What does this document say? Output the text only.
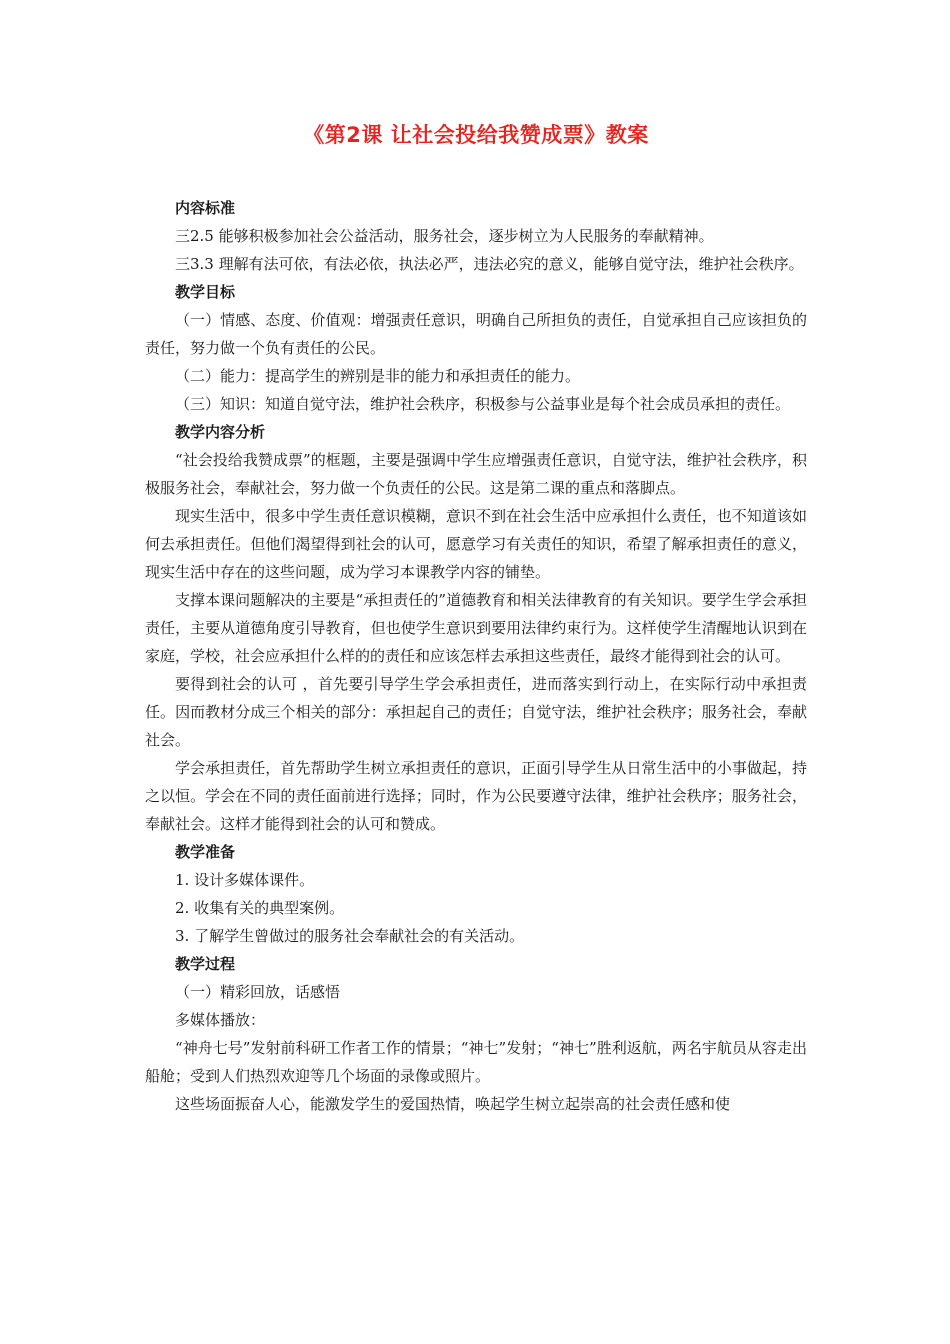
《第2课 让社会投给我赞成票》教案

内容标准

三2.5 能够积极参加社会公益活动，服务社会，逐步树立为人民服务的奉献精神。

三3.3 理解有法可依，有法必依，执法必严，违法必究的意义，能够自觉守法，维护社会秩序。

教学目标

（一）情感、态度、价值观：增强责任意识，明确自己所担负的责任，自觉承担自己应该担负的责任，努力做一个负有责任的公民。

（二）能力：提高学生的辨别是非的能力和承担责任的能力。

（三）知识：知道自觉守法，维护社会秩序，积极参与公益事业是每个社会成员承担的责任。

教学内容分析

“社会投给我赞成票”的框题，主要是强调中学生应增强责任意识，自觉守法，维护社会秩序，积极服务社会，奉献社会，努力做一个负责任的公民。这是第二课的重点和落脚点。

现实生活中，很多中学生责任意识模糊，意识不到在社会生活中应承担什么责任，也不知道该如何去承担责任。但他们渴望得到社会的认可，愿意学习有关责任的知识，希望了解承担责任的意义，现实生活中存在的这些问题，成为学习本课教学内容的铺垫。

支撑本课问题解决的主要是“承担责任的”道德教育和相关法律教育的有关知识。要学生学会承担责任，主要从道德角度引导教育，但也使学生意识到要用法律约束行为。这样使学生清醒地认识到在家庭，学校，社会应承担什么样的的责任和应该怎样去承担这些责任，最终才能得到社会的认可。

要得到社会的认可 ，首先要引导学生学会承担责任，进而落实到行动上，在实际行动中承担责任。因而教材分成三个相关的部分：承担起自己的责任；自觉守法，维护社会秩序；服务社会，奉献社会。

学会承担责任，首先帮助学生树立承担责任的意识，正面引导学生从日常生活中的小事做起，持之以恒。学会在不同的责任面前进行选择；同时，作为公民要遵守法律，维护社会秩序；服务社会，奉献社会。这样才能得到社会的认可和赞成。

教学准备

1. 设计多媒体课件。

2. 收集有关的典型案例。

3. 了解学生曾做过的服务社会奉献社会的有关活动。

教学过程

（一）精彩回放，话感悟

多媒体播放：

“神舟七号”发射前科研工作者工作的情景；“神七”发射；“神七”胜利返航，两名宇航员从容走出船舱；受到人们热烈欢迎等几个场面的录像或照片。

这些场面振奋人心，能激发学生的爱国热情，唤起学生树立起崇高的社会责任感和使
